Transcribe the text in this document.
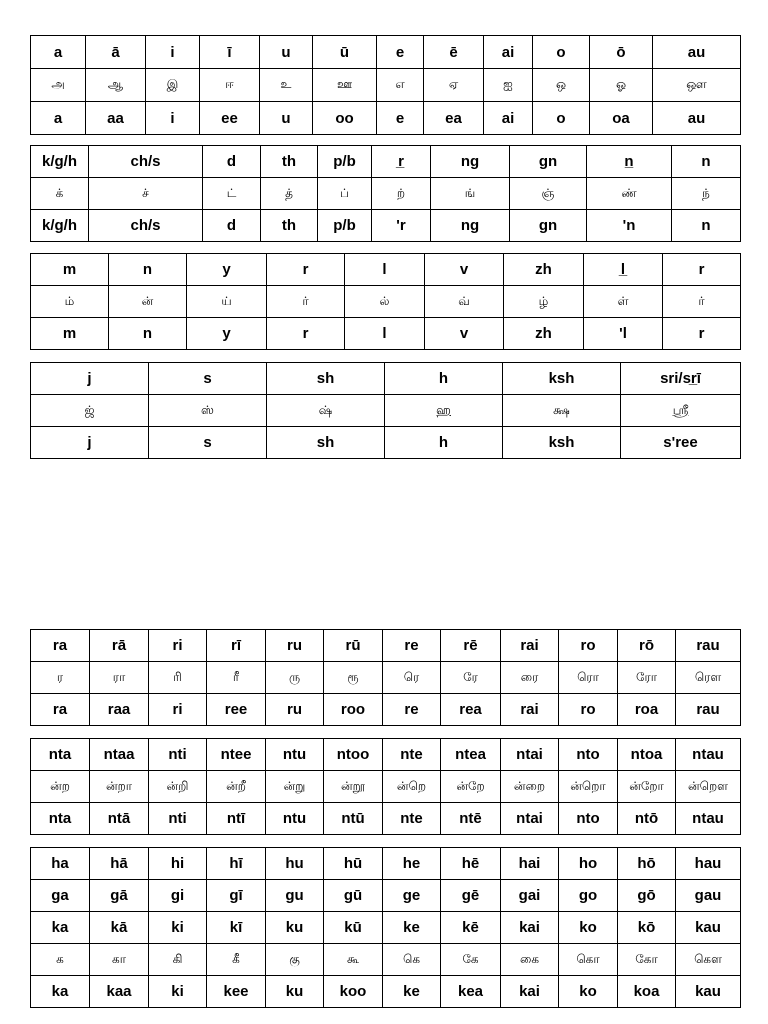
a	ā	i	ī	u	ū	e	ē	ai	o	ō	au
அ	ஆ	இ	ஈ	உ	ஊ	எ	ஏ	ஐ	ஒ	ஓ	ஔ
a	aa	i	ee	u	oo	e	ea	ai	o	oa	au
k/g/h	ch/s	d	th	p/b	r̲	ng	gn	n̲	n
க்	ச்	ட்	த்	ப்	ற்	ங்	ஞ்	ண்	ந்
k/g/h	ch/s	d	th	p/b	'r	ng	gn	'n	n
m	n	y	r	l	v	zh	l̲	r
ம்	ன்	ய்	ர்	ல்	வ்	ழ்	ள்	ர்
m	n	y	r	l	v	zh	'l	r
j	s	sh	h	ksh	sri/sr̲ī
ஜ்	ஸ்	ஷ்	ஹ	க்ஷ	ஸ்ரீ
j	s	sh	h	ksh	s'ree
ra	rā	ri	rī	ru	rū	re	rē	rai	ro	rō	rau
ர	ரா	ரி	ரீ	ரு	ரூ	ரெ	ரே	ரை	ரொ	ரோ	ரௌ
ra	raa	ri	ree	ru	roo	re	rea	rai	ro	roa	rau
nta	ntaa	nti	ntee	ntu	ntoo	nte	ntea	ntai	nto	ntoa	ntau
ன்ற	ன்றா	ன்றி	ன்றீ	ன்று	ன்றூ	ன்றெ	ன்றே	ன்றை	ன்றொ	ன்றோ	ன்றௌ
nta	ntā	nti	ntī	ntu	ntū	nte	ntē	ntai	nto	ntō	ntau
ha	hā	hi	hī	hu	hū	he	hē	hai	ho	hō	hau
ga	gā	gi	gī	gu	gū	ge	gē	gai	go	gō	gau
ka	kā	ki	kī	ku	kū	ke	kē	kai	ko	kō	kau
க	கா	கி	கீ	கு	கூ	கெ	கே	கை	கொ	கோ	கௌ
ka	kaa	ki	kee	ku	koo	ke	kea	kai	ko	koa	kau
